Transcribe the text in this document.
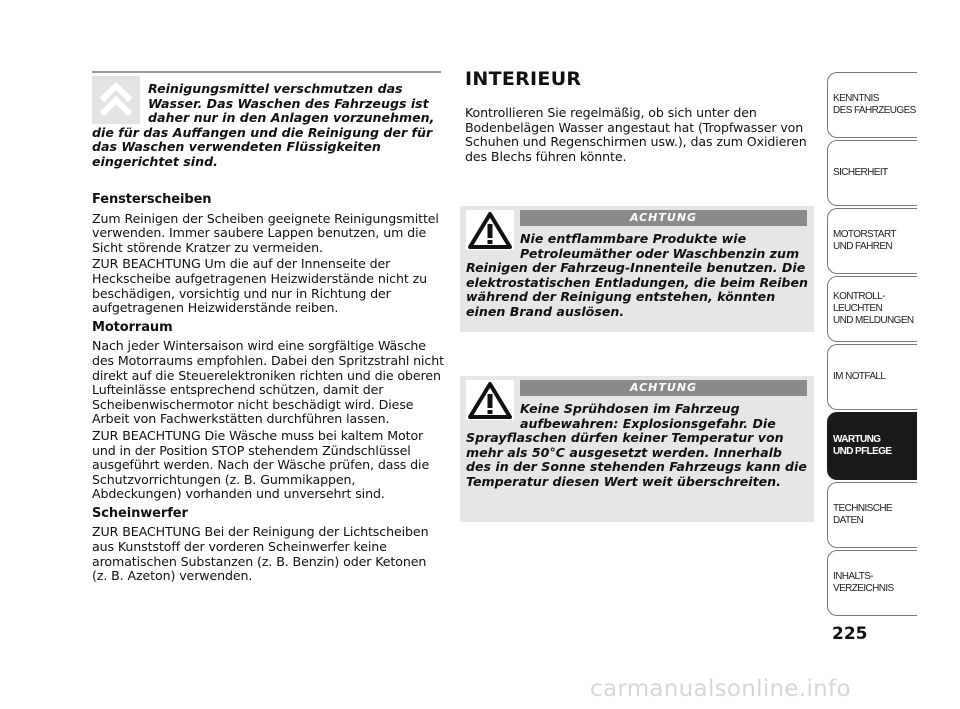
Reinigungsmittel verschmutzen das Wasser. Das Waschen des Fahrzeugs ist daher nur in den Anlagen vorzunehmen, die für das Auffangen und die Reinigung der für das Waschen verwendeten Flüssigkeiten eingerichtet sind.
Fensterscheiben

Zum Reinigen der Scheiben geeignete Reinigungsmittel verwenden. Immer saubere Lappen benutzen, um die Sicht störende Kratzer zu vermeiden.

ZUR BEACHTUNG Um die auf der Innenseite der Heckscheibe aufgetragenen Heizwiderstände nicht zu beschädigen, vorsichtig und nur in Richtung der aufgetragenen Heizwiderstände reiben.

Motorraum

Nach jeder Wintersaison wird eine sorgfältige Wäsche des Motorraums empfohlen. Dabei den Spritzstrahl nicht direkt auf die Steuerelektroniken richten und die oberen Lufteinlässe entsprechend schützen, damit der Scheibenwischermotor nicht beschädigt wird. Diese Arbeit von Fachwerkstätten durchführen lassen.

ZUR BEACHTUNG Die Wäsche muss bei kaltem Motor und in der Position STOP stehendem Zündschlüssel ausgeführt werden. Nach der Wäsche prüfen, dass die Schutzvorrichtungen (z. B. Gummikappen, Abdeckungen) vorhanden und unversehrt sind.

Scheinwerfer

ZUR BEACHTUNG Bei der Reinigung der Lichtscheiben aus Kunststoff der vorderen Scheinwerfer keine aromatischen Substanzen (z. B. Benzin) oder Ketonen (z. B. Azeton) verwenden.

INTERIEUR
Kontrollieren Sie regelmäßig, ob sich unter den Bodenbelägen Wasser angestaut hat (Tropfwasser von Schuhen und Regenschirmen usw.), das zum Oxidieren des Blechs führen könnte.
ACHTUNG
Nie entflammbare Produkte wie Petroleumäther oder Waschbenzin zum Reinigen der Fahrzeug-Innenteile benutzen. Die elektrostatischen Entladungen, die beim Reiben während der Reinigung entstehen, könnten einen Brand auslösen.
ACHTUNG
Keine Sprühdosen im Fahrzeug aufbewahren: Explosionsgefahr. Die Sprayflaschen dürfen keiner Temperatur von mehr als 50°C ausgesetzt werden. Innerhalb des in der Sonne stehenden Fahrzeugs kann die Temperatur diesen Wert weit überschreiten.
KENNTNIS
DES FAHRZEUGES
SICHERHEIT
MOTORSTART
UND FAHREN
KONTROLL-
LEUCHTEN
UND MELDUNGEN
IM NOTFALL
WARTUNG
UND PFLEGE
TECHNISCHE
DATEN
INHALTS-
VERZEICHNIS
225
carmanualsonline.info
